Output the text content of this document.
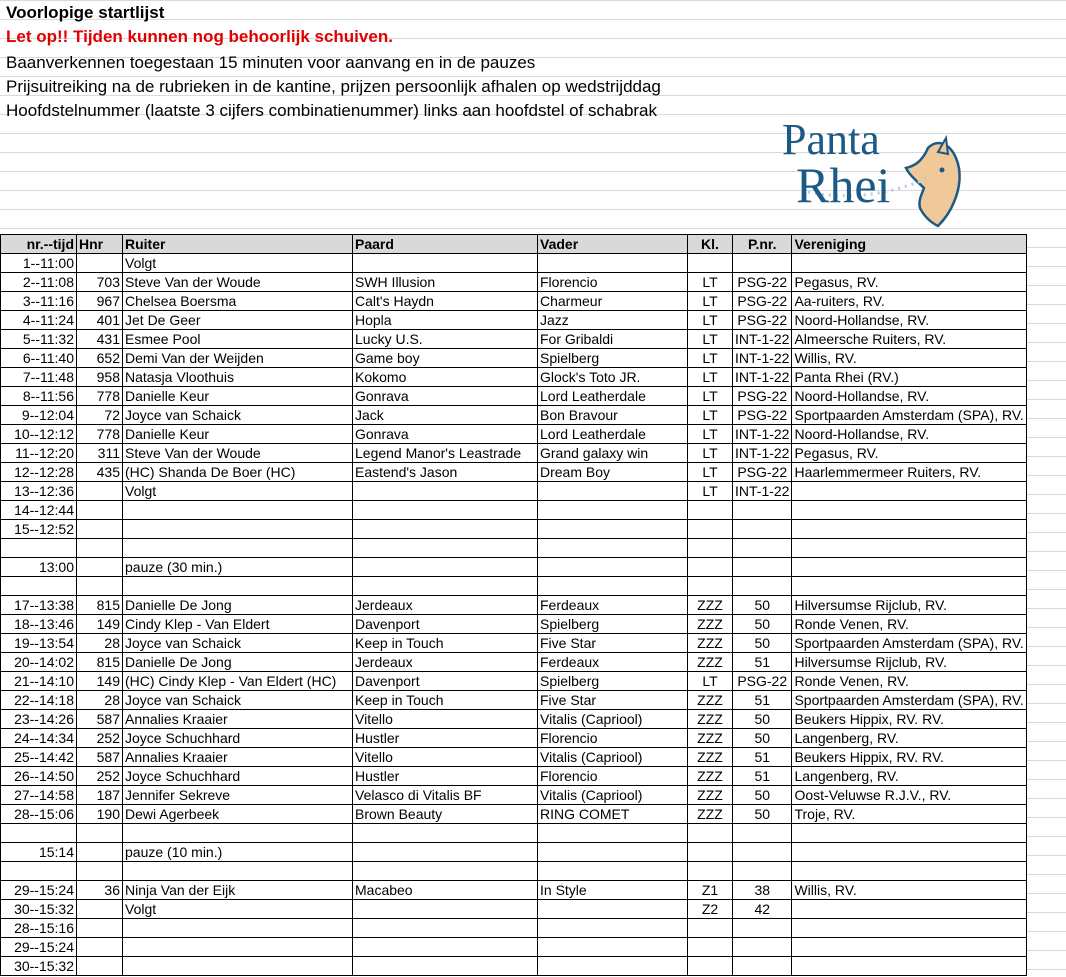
Voorlopige startlijst
Let op!! Tijden kunnen nog behoorlijk schuiven.
Baanverkennen toegestaan 15 minuten voor aanvang en in de pauzes
Prijsuitreiking na de rubrieken in de kantine, prijzen persoonlijk afhalen op wedstrijddag
Hoofdstelnummer (laatste 3 cijfers combinatienummer) links aan hoofdstel of schabrak
Panta
Rhei
nr.--tijd	Hnr	Ruiter	Paard	Vader	Kl.	P.nr.	Vereniging
1--11:00		Volgt					
2--11:08	703	Steve Van der Woude	SWH Illusion	Florencio	LT	PSG-22	Pegasus, RV.
3--11:16	967	Chelsea Boersma	Calt's Haydn	Charmeur	LT	PSG-22	Aa-ruiters, RV.
4--11:24	401	Jet De Geer	Hopla	Jazz	LT	PSG-22	Noord-Hollandse, RV.
5--11:32	431	Esmee Pool	Lucky U.S.	For Gribaldi	LT	INT-1-22	Almeersche Ruiters, RV.
6--11:40	652	Demi Van der Weijden	Game boy	Spielberg	LT	INT-1-22	Willis, RV.
7--11:48	958	Natasja Vloothuis	Kokomo	Glock's Toto JR.	LT	INT-1-22	Panta Rhei (RV.)
8--11:56	778	Danielle Keur	Gonrava	Lord Leatherdale	LT	PSG-22	Noord-Hollandse, RV.
9--12:04	72	Joyce van Schaick	Jack	Bon Bravour	LT	PSG-22	Sportpaarden Amsterdam (SPA), RV.
10--12:12	778	Danielle Keur	Gonrava	Lord Leatherdale	LT	INT-1-22	Noord-Hollandse, RV.
11--12:20	311	Steve Van der Woude	Legend Manor's Leastrade	Grand galaxy win	LT	INT-1-22	Pegasus, RV.
12--12:28	435	(HC) Shanda De Boer (HC)	Eastend's Jason	Dream Boy	LT	PSG-22	Haarlemmermeer Ruiters, RV.
13--12:36		Volgt			LT	INT-1-22	
14--12:44							
15--12:52							

13:00		pauze (30 min.)					

17--13:38	815	Danielle De Jong	Jerdeaux	Ferdeaux	ZZZ	50	Hilversumse Rijclub, RV.
18--13:46	149	Cindy Klep - Van Eldert	Davenport	Spielberg	ZZZ	50	Ronde Venen, RV.
19--13:54	28	Joyce van Schaick	Keep in Touch	Five Star	ZZZ	50	Sportpaarden Amsterdam (SPA), RV.
20--14:02	815	Danielle De Jong	Jerdeaux	Ferdeaux	ZZZ	51	Hilversumse Rijclub, RV.
21--14:10	149	(HC) Cindy Klep - Van Eldert (HC)	Davenport	Spielberg	LT	PSG-22	Ronde Venen, RV.
22--14:18	28	Joyce van Schaick	Keep in Touch	Five Star	ZZZ	51	Sportpaarden Amsterdam (SPA), RV.
23--14:26	587	Annalies Kraaier	Vitello	Vitalis (Capriool)	ZZZ	50	Beukers Hippix, RV. RV.
24--14:34	252	Joyce Schuchhard	Hustler	Florencio	ZZZ	50	Langenberg, RV.
25--14:42	587	Annalies Kraaier	Vitello	Vitalis (Capriool)	ZZZ	51	Beukers Hippix, RV. RV.
26--14:50	252	Joyce Schuchhard	Hustler	Florencio	ZZZ	51	Langenberg, RV.
27--14:58	187	Jennifer Sekreve	Velasco di Vitalis BF	Vitalis (Capriool)	ZZZ	50	Oost-Veluwse R.J.V., RV.
28--15:06	190	Dewi Agerbeek	Brown Beauty	RING COMET	ZZZ	50	Troje, RV.

15:14		pauze (10 min.)					

29--15:24	36	Ninja Van der Eijk	Macabeo	In Style	Z1	38	Willis, RV.
30--15:32		Volgt			Z2	42	
28--15:16							
29--15:24							
30--15:32							
